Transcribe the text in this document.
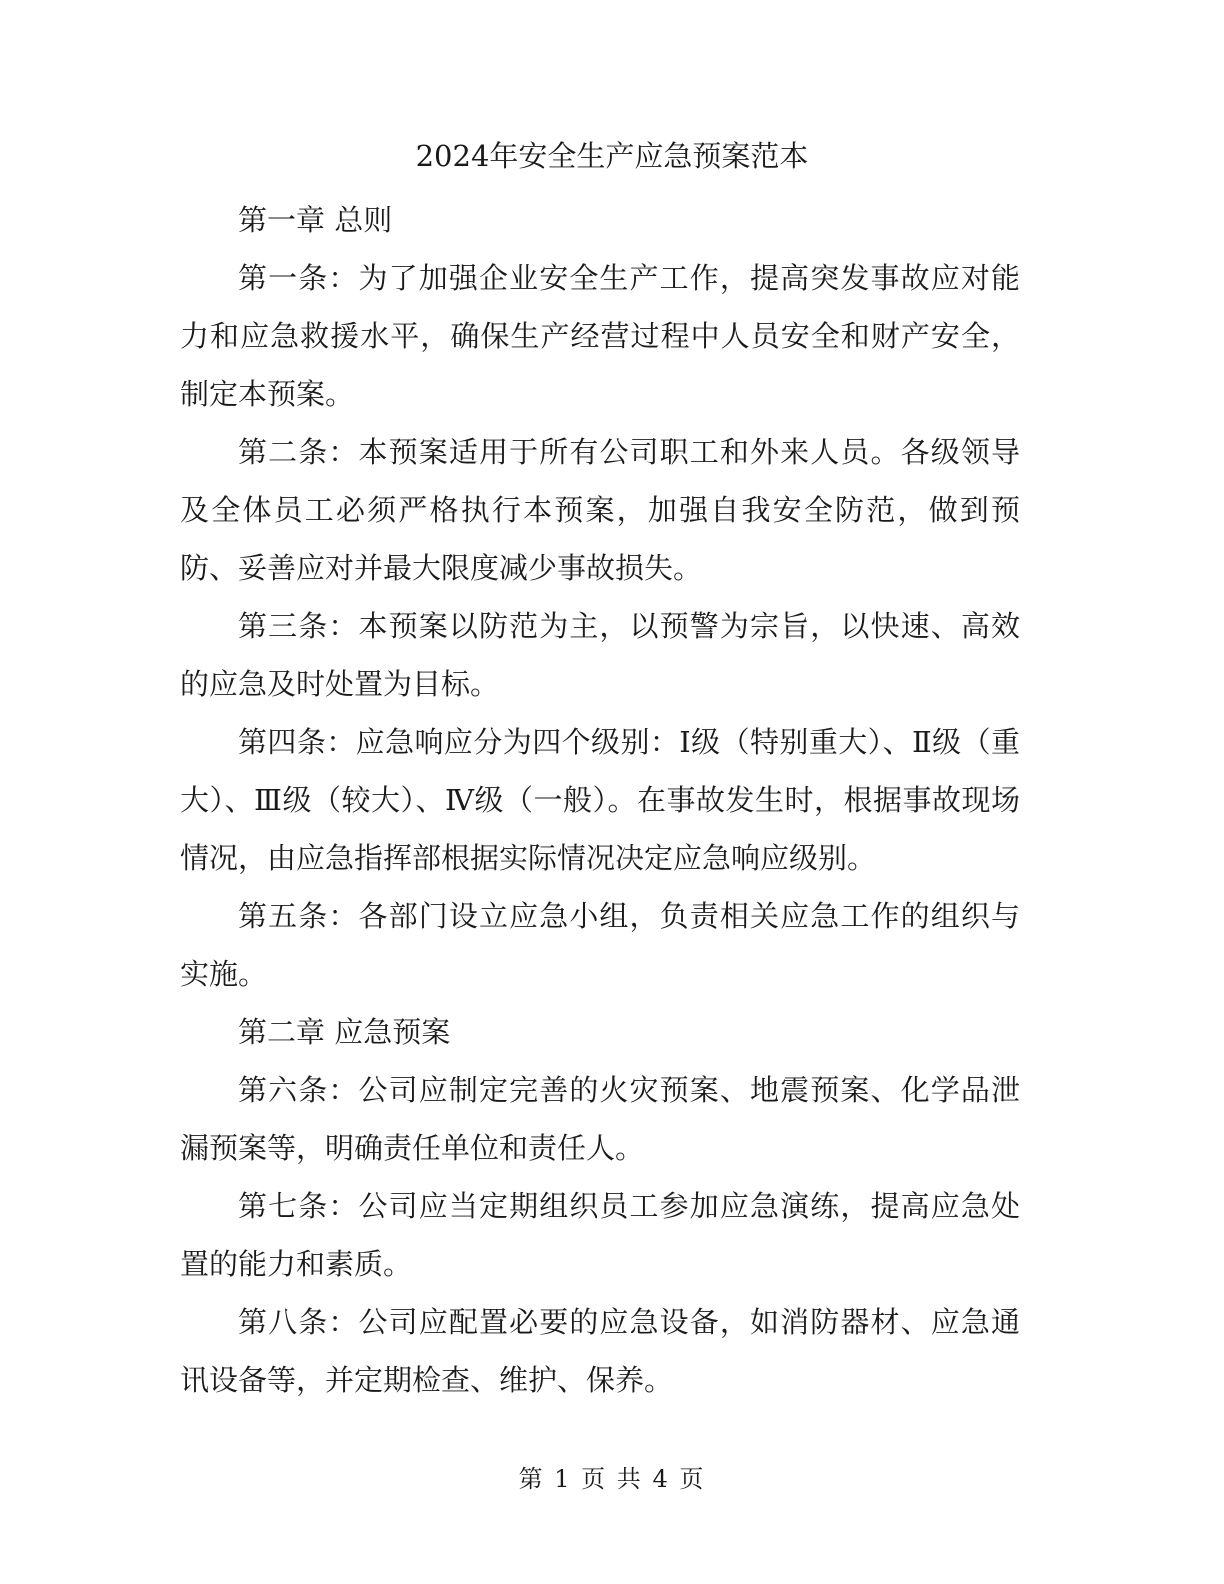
2024年安全生产应急预案范本

第一章 总则

第一条：为了加强企业安全生产工作，提高突发事故应对能力和应急救援水平，确保生产经营过程中人员安全和财产安全，制定本预案。

第二条：本预案适用于所有公司职工和外来人员。各级领导及全体员工必须严格执行本预案，加强自我安全防范，做到预防、妥善应对并最大限度减少事故损失。

第三条：本预案以防范为主，以预警为宗旨，以快速、高效的应急及时处置为目标。

第四条：应急响应分为四个级别：Ⅰ级（特别重大）、Ⅱ级（重大）、Ⅲ级（较大）、Ⅳ级（一般）。在事故发生时，根据事故现场情况，由应急指挥部根据实际情况决定应急响应级别。

第五条：各部门设立应急小组，负责相关应急工作的组织与实施。

第二章 应急预案

第六条：公司应制定完善的火灾预案、地震预案、化学品泄漏预案等，明确责任单位和责任人。

第七条：公司应当定期组织员工参加应急演练，提高应急处置的能力和素质。

第八条：公司应配置必要的应急设备，如消防器材、应急通讯设备等，并定期检查、维护、保养。

第 1 页 共 4 页
